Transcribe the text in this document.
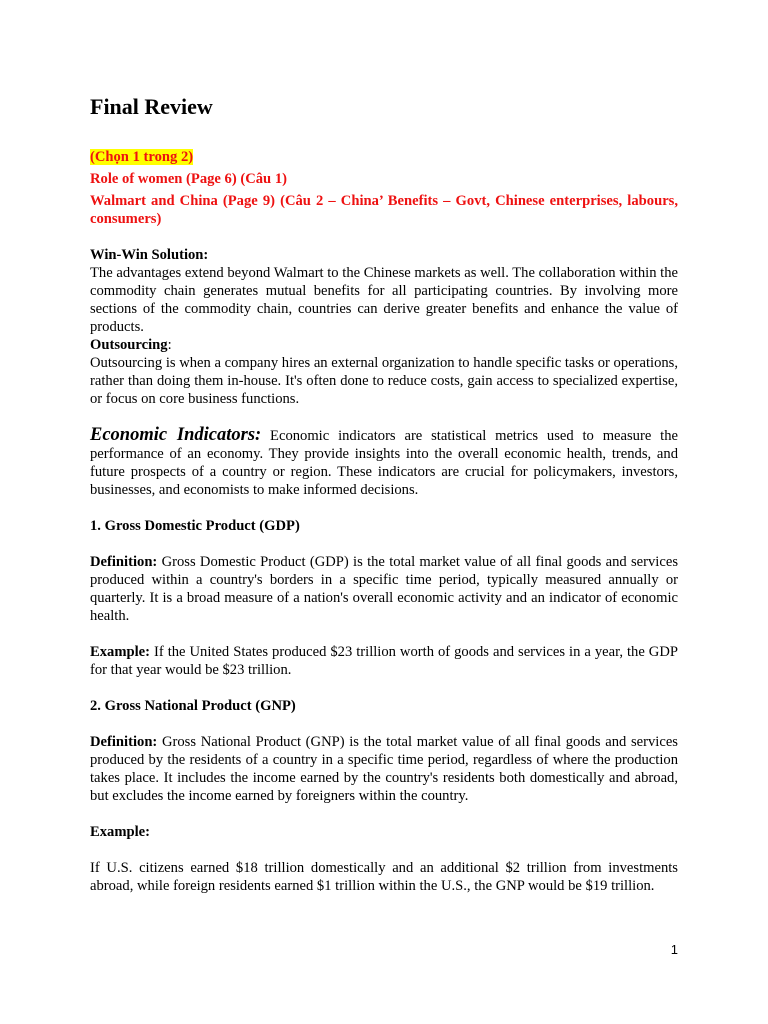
Final Review

(Chọn 1 trong 2)

Role of women (Page 6) (Câu 1)

Walmart and China (Page 9) (Câu 2 – China’ Benefits – Govt, Chinese enterprises, labours, consumers)

Win-Win Solution:

The advantages extend beyond Walmart to the Chinese markets as well. The collaboration within the commodity chain generates mutual benefits for all participating countries. By involving more sections of the commodity chain, countries can derive greater benefits and enhance the value of products.

Outsourcing:

Outsourcing is when a company hires an external organization to handle specific tasks or operations, rather than doing them in-house. It's often done to reduce costs, gain access to specialized expertise, or focus on core business functions.

Economic Indicators: Economic indicators are statistical metrics used to measure the performance of an economy. They provide insights into the overall economic health, trends, and future prospects of a country or region. These indicators are crucial for policymakers, investors, businesses, and economists to make informed decisions.

1. Gross Domestic Product (GDP)

Definition: Gross Domestic Product (GDP) is the total market value of all final goods and services produced within a country's borders in a specific time period, typically measured annually or quarterly. It is a broad measure of a nation's overall economic activity and an indicator of economic health.

Example: If the United States produced $23 trillion worth of goods and services in a year, the GDP for that year would be $23 trillion.

2. Gross National Product (GNP)

Definition: Gross National Product (GNP) is the total market value of all final goods and services produced by the residents of a country in a specific time period, regardless of where the production takes place. It includes the income earned by the country's residents both domestically and abroad, but excludes the income earned by foreigners within the country.

Example:

If U.S. citizens earned $18 trillion domestically and an additional $2 trillion from investments abroad, while foreign residents earned $1 trillion within the U.S., the GNP would be $19 trillion.

1
